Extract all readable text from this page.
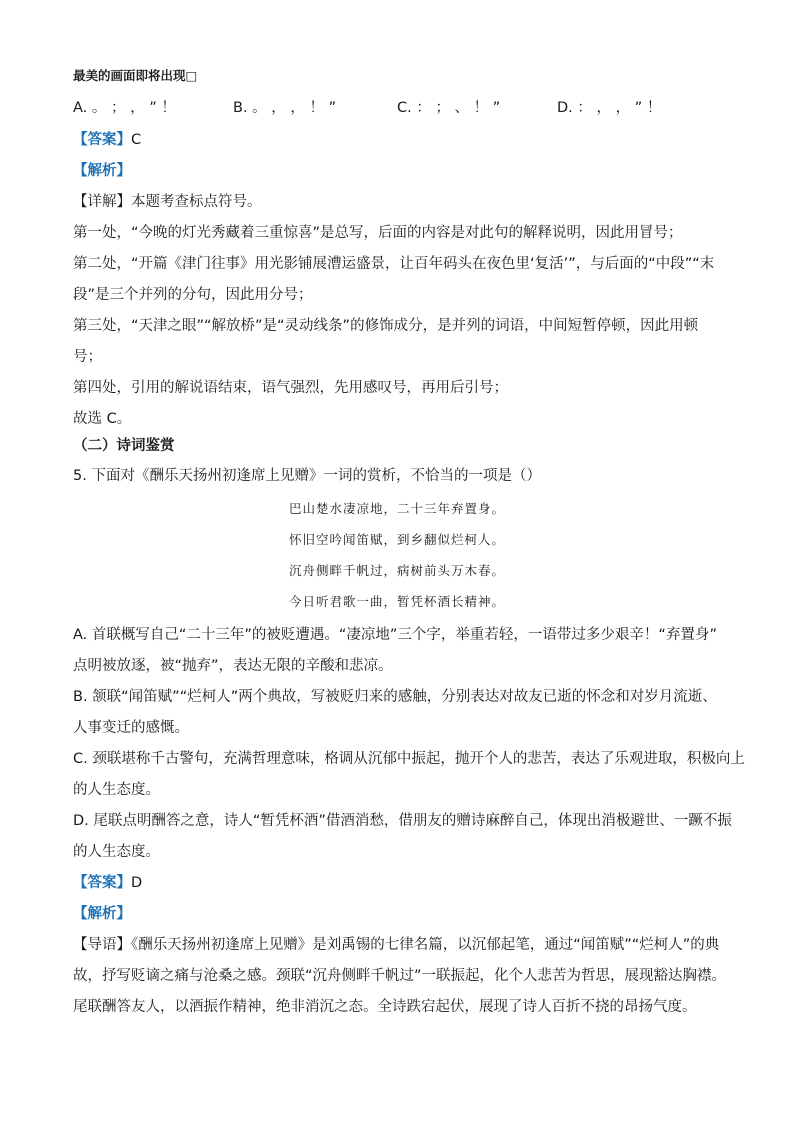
最美的画面即将出现□
A. 。 ； ， ” ！	B. 。 ， ， ！ ”	C. ： ； 、 ！ ”	D. ： ， ， ” ！
【答案】C
【解析】
【详解】本题考查标点符号。
第一处，“今晚的灯光秀藏着三重惊喜”是总写，后面的内容是对此句的解释说明，因此用冒号；
第二处，“开篇《津门往事》用光影铺展漕运盛景，让百年码头在夜色里‘复活’”，与后面的“中段”“末
段”是三个并列的分句，因此用分号；
第三处，“天津之眼”“解放桥”是“灵动线条”的修饰成分，是并列的词语，中间短暂停顿，因此用顿
号；
第四处，引用的解说语结束，语气强烈，先用感叹号，再用后引号；
故选 C。
（二）诗词鉴赏
5. 下面对《酬乐天扬州初逢席上见赠》一词的赏析，不恰当的一项是（）
巴山楚水凄凉地，二十三年弃置身。
怀旧空吟闻笛赋，到乡翻似烂柯人。
沉舟侧畔千帆过，病树前头万木春。
今日听君歌一曲，暂凭杯酒长精神。
A. 首联概写自己“二十三年”的被贬遭遇。“凄凉地”三个字，举重若轻，一语带过多少艰辛！“弃置身”
点明被放逐，被“抛弃”，表达无限的辛酸和悲凉。
B. 颔联“闻笛赋”“烂柯人”两个典故，写被贬归来的感触，分别表达对故友已逝的怀念和对岁月流逝、
人事变迁的感慨。
C. 颈联堪称千古警句，充满哲理意味，格调从沉郁中振起，抛开个人的悲苦，表达了乐观进取，积极向上
的人生态度。
D. 尾联点明酬答之意，诗人“暂凭杯酒”借酒消愁，借朋友的赠诗麻醉自己，体现出消极避世、一蹶不振
的人生态度。
【答案】D
【解析】
【导语】《酬乐天扬州初逢席上见赠》是刘禹锡的七律名篇，以沉郁起笔，通过“闻笛赋”“烂柯人”的典
故，抒写贬谪之痛与沧桑之感。颈联“沉舟侧畔千帆过”一联振起，化个人悲苦为哲思，展现豁达胸襟。
尾联酬答友人，以酒振作精神，绝非消沉之态。全诗跌宕起伏，展现了诗人百折不挠的昂扬气度。
